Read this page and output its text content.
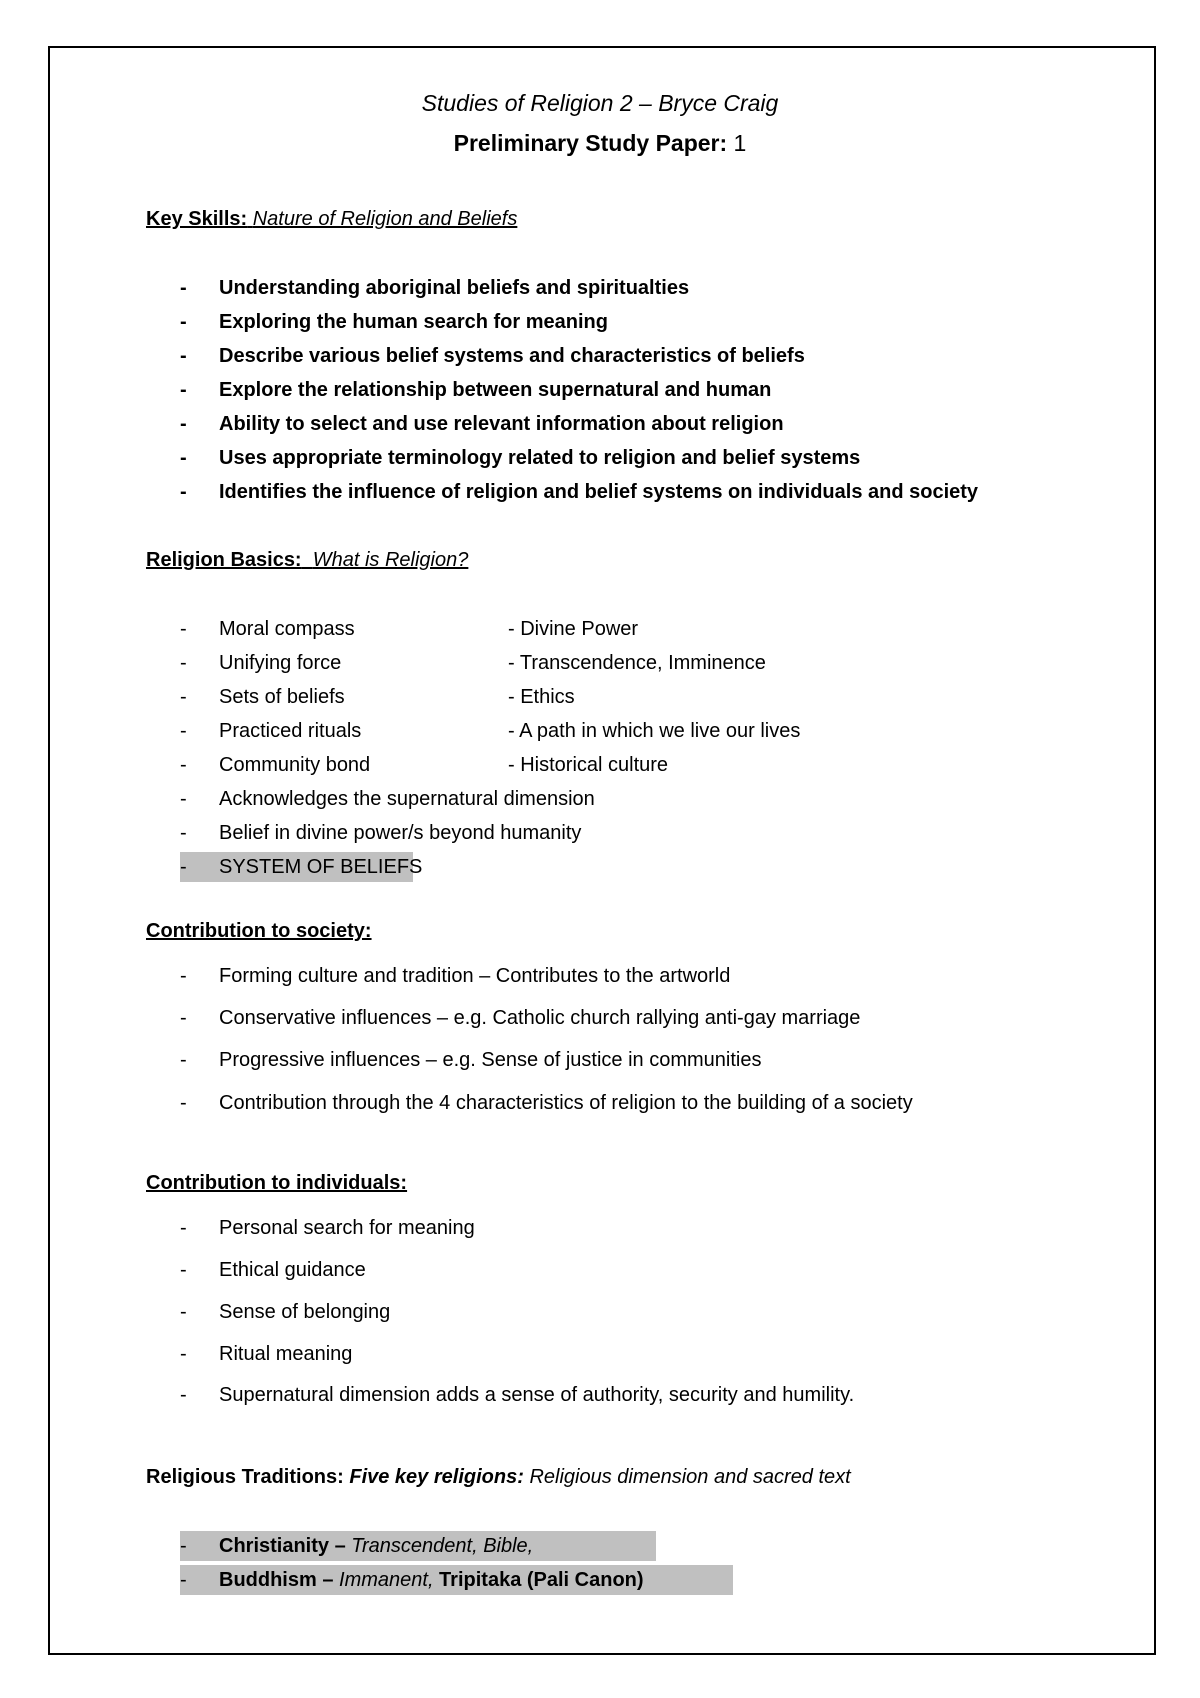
Studies of Religion 2 – Bryce Craig
Preliminary Study Paper: 1
Key Skills: Nature of Religion and Beliefs
- Understanding aboriginal beliefs and spiritualties
- Exploring the human search for meaning
- Describe various belief systems and characteristics of beliefs
- Explore the relationship between supernatural and human
- Ability to select and use relevant information about religion
- Uses appropriate terminology related to religion and belief systems
- Identifies the influence of religion and belief systems on individuals and society
Religion Basics: What is Religion?
- Moral compass	- Divine Power
- Unifying force	- Transcendence, Imminence
- Sets of beliefs	- Ethics
- Practiced rituals	- A path in which we live our lives
- Community bond	- Historical culture
- Acknowledges the supernatural dimension
- Belief in divine power/s beyond humanity
- SYSTEM OF BELIEFS
Contribution to society:
- Forming culture and tradition – Contributes to the artworld
- Conservative influences – e.g. Catholic church rallying anti-gay marriage
- Progressive influences – e.g. Sense of justice in communities
- Contribution through the 4 characteristics of religion to the building of a society
Contribution to individuals:
- Personal search for meaning
- Ethical guidance
- Sense of belonging
- Ritual meaning
- Supernatural dimension adds a sense of authority, security and humility.
Religious Traditions: Five key religions: Religious dimension and sacred text
- Christianity – Transcendent, Bible,
- Buddhism – Immanent, Tripitaka (Pali Canon)
